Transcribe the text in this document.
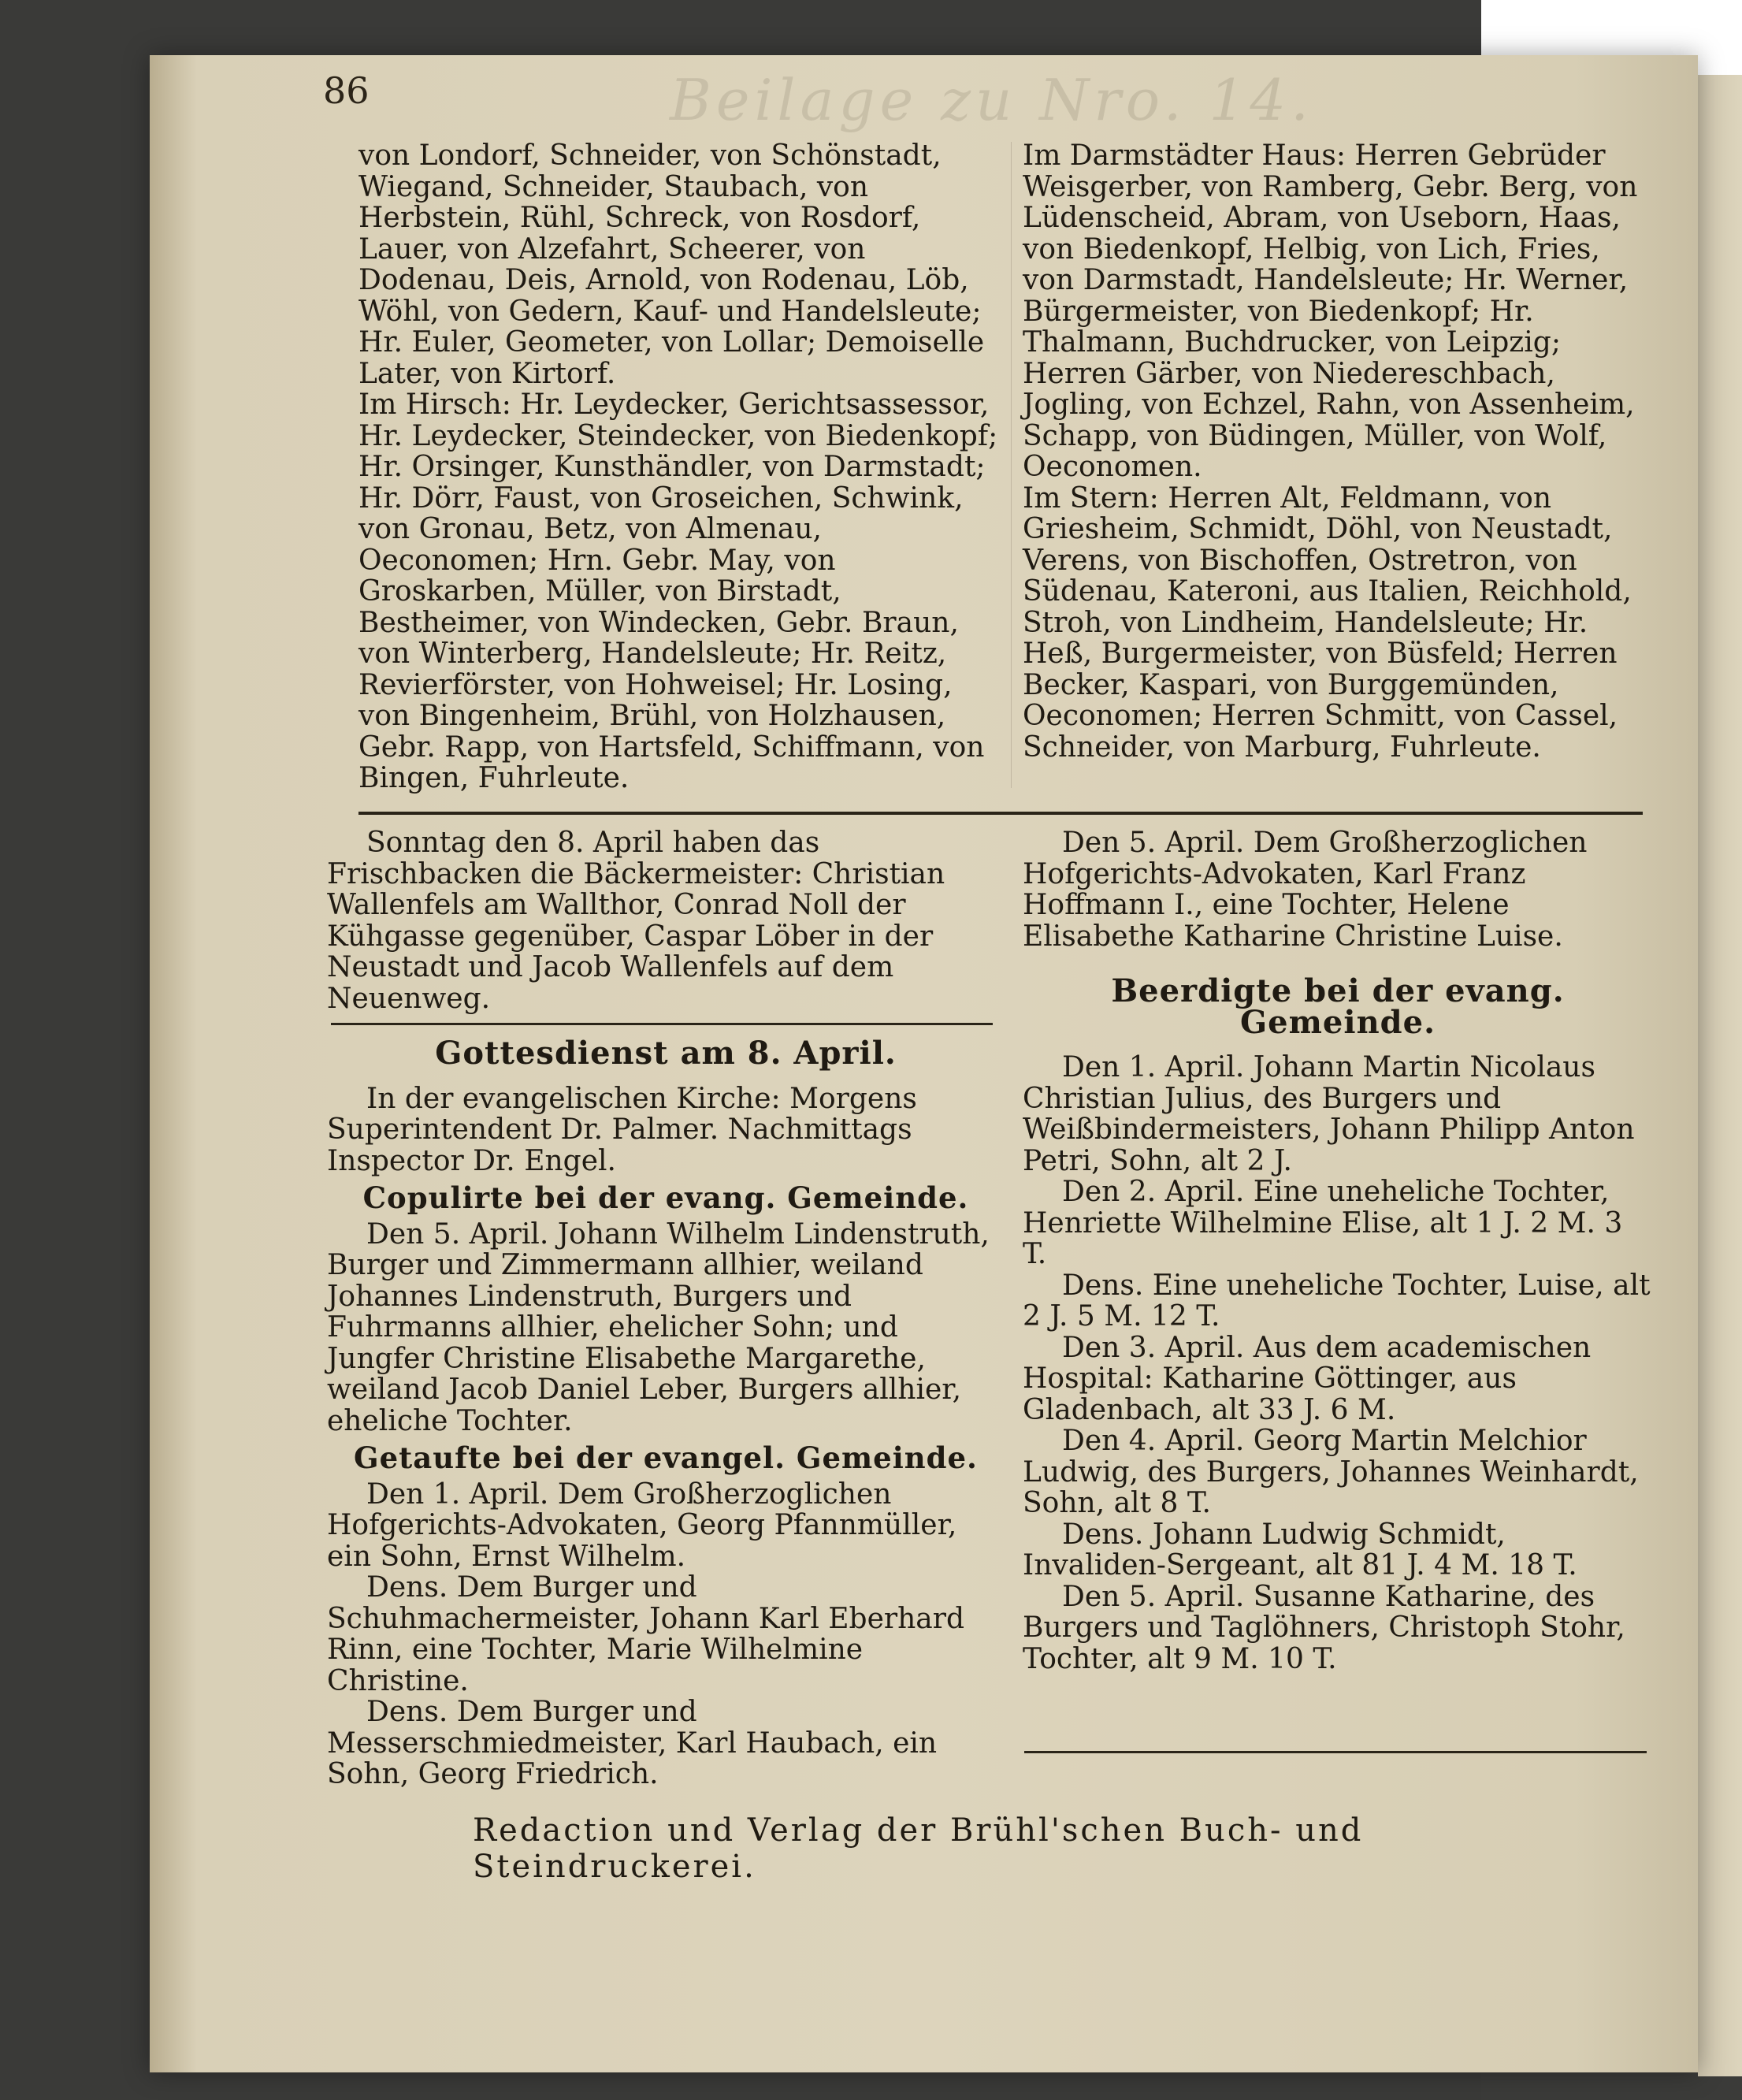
86	Beilage zu Nro. 14.

von Londorf, Schneider, von Schönstadt, Wiegand, Schneider, Staubach, von Herbstein, Rühl, Schreck, von Rosdorf, Lauer, von Alzefahrt, Scheerer, von Dodenau, Deis, Arnold, von Rodenau, Löb, Wöhl, von Gedern, Kauf- und Handelsleute; Hr. Euler, Geometer, von Lollar; Demoiselle Later, von Kirtorf.

Im Hirsch: Hr. Leydecker, Gerichtsassessor, Hr. Leydecker, Steindecker, von Biedenkopf; Hr. Orsinger, Kunsthändler, von Darmstadt; Hr. Dörr, Faust, von Groseichen, Schwink, von Gronau, Betz, von Almenau, Oeconomen; Hrn. Gebr. May, von Groskarben, Müller, von Birstadt, Bestheimer, von Windecken, Gebr. Braun, von Winterberg, Handelsleute; Hr. Reitz, Revierförster, von Hohweisel; Hr. Losing, von Bingenheim, Brühl, von Holzhausen, Gebr. Rapp, von Hartsfeld, Schiffmann, von Bingen, Fuhrleute.

Im Darmstädter Haus: Herren Gebrüder Weisgerber, von Ramberg, Gebr. Berg, von Lüdenscheid, Abram, von Useborn, Haas, von Biedenkopf, Helbig, von Lich, Fries, von Darmstadt, Handelsleute; Hr. Werner, Bürgermeister, von Biedenkopf; Hr. Thalmann, Buchdrucker, von Leipzig; Herren Gärber, von Niedereschbach, Jogling, von Echzel, Rahn, von Assenheim, Schapp, von Büdingen, Müller, von Wolf, Oeconomen.

Im Stern: Herren Alt, Feldmann, von Griesheim, Schmidt, Döhl, von Neustadt, Verens, von Bischoffen, Ostretron, von Südenau, Kateroni, aus Italien, Reichhold, Stroh, von Lindheim, Handelsleute; Hr. Heß, Burgermeister, von Büsfeld; Herren Becker, Kaspari, von Burggemünden, Oeconomen; Herren Schmitt, von Cassel, Schneider, von Marburg, Fuhrleute.

Sonntag den 8. April haben das Frischbacken die Bäckermeister: Christian Wallenfels am Wallthor, Conrad Noll der Kühgasse gegenüber, Caspar Löber in der Neustadt und Jacob Wallenfels auf dem Neuenweg.

Gottesdienst am 8. April.

In der evangelischen Kirche: Morgens Superintendent Dr. Palmer. Nachmittags Inspector Dr. Engel.

Copulirte bei der evang. Gemeinde.

Den 5. April. Johann Wilhelm Lindenstruth, Burger und Zimmermann allhier, weiland Johannes Lindenstruth, Burgers und Fuhrmanns allhier, ehelicher Sohn; und Jungfer Christine Elisabethe Margarethe, weiland Jacob Daniel Leber, Burgers allhier, eheliche Tochter.

Getaufte bei der evangel. Gemeinde.

Den 1. April. Dem Großherzoglichen Hofgerichts-Advokaten, Georg Pfannmüller, ein Sohn, Ernst Wilhelm.

Dens. Dem Burger und Schuhmachermeister, Johann Karl Eberhard Rinn, eine Tochter, Marie Wilhelmine Christine.

Dens. Dem Burger und Messerschmiedmeister, Karl Haubach, ein Sohn, Georg Friedrich.

Den 5. April. Dem Großherzoglichen Hofgerichts-Advokaten, Karl Franz Hoffmann I., eine Tochter, Helene Elisabethe Katharine Christine Luise.

Beerdigte bei der evang. Gemeinde.

Den 1. April. Johann Martin Nicolaus Christian Julius, des Burgers und Weißbindermeisters, Johann Philipp Anton Petri, Sohn, alt 2 J.

Den 2. April. Eine uneheliche Tochter, Henriette Wilhelmine Elise, alt 1 J. 2 M. 3 T.

Dens. Eine uneheliche Tochter, Luise, alt 2 J. 5 M. 12 T.

Den 3. April. Aus dem academischen Hospital: Katharine Göttinger, aus Gladenbach, alt 33 J. 6 M.

Den 4. April. Georg Martin Melchior Ludwig, des Burgers, Johannes Weinhardt, Sohn, alt 8 T.

Dens. Johann Ludwig Schmidt, Invaliden-Sergeant, alt 81 J. 4 M. 18 T.

Den 5. April. Susanne Katharine, des Burgers und Taglöhners, Christoph Stohr, Tochter, alt 9 M. 10 T.

Redaction und Verlag der Brühl'schen Buch- und Steindruckerei.
